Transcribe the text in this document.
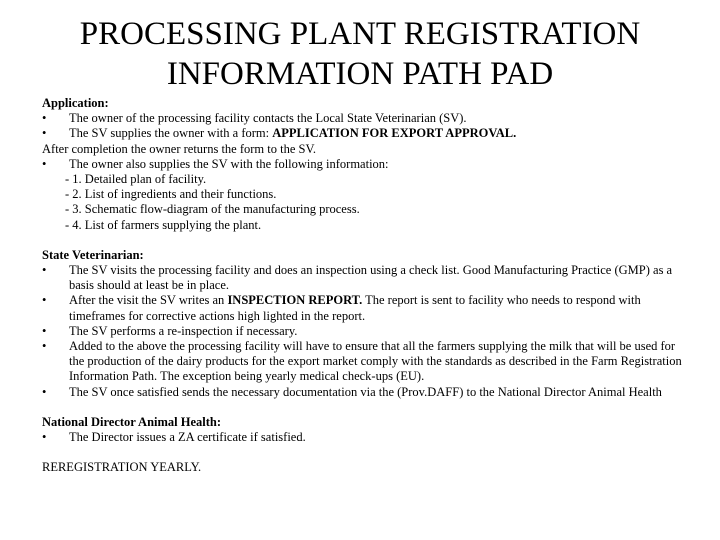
PROCESSING PLANT REGISTRATION
INFORMATION PATH PAD
Application:
•	The owner of the processing facility contacts the Local State Veterinarian (SV).
•	The SV supplies the owner with a form: APPLICATION FOR EXPORT APPROVAL.
After completion the owner returns the form to the SV.
•	The owner also supplies the SV with the following information:
- 1. Detailed plan of facility.
- 2. List of ingredients and their functions.
- 3. Schematic flow-diagram of the manufacturing process.
- 4. List of farmers supplying the plant.
State Veterinarian:
•	The SV visits the processing facility and does an inspection using a check list. Good Manufacturing Practice (GMP) as a basis should at least be in place.
•	After the visit the SV writes an INSPECTION REPORT. The report is sent to facility who needs to respond with timeframes for corrective actions high lighted in the report.
•	The SV performs a re-inspection if necessary.
•	Added to the above the processing facility will have to ensure that all the farmers supplying the milk that will be used for the production of the dairy products for the export market comply with the standards as described in the Farm Registration Information Path. The exception being yearly medical check-ups (EU).
•	The SV once satisfied sends the necessary documentation via the (Prov.DAFF) to the National Director Animal Health
National Director Animal Health:
•	The Director issues a ZA certificate if satisfied.
REREGISTRATION YEARLY.
